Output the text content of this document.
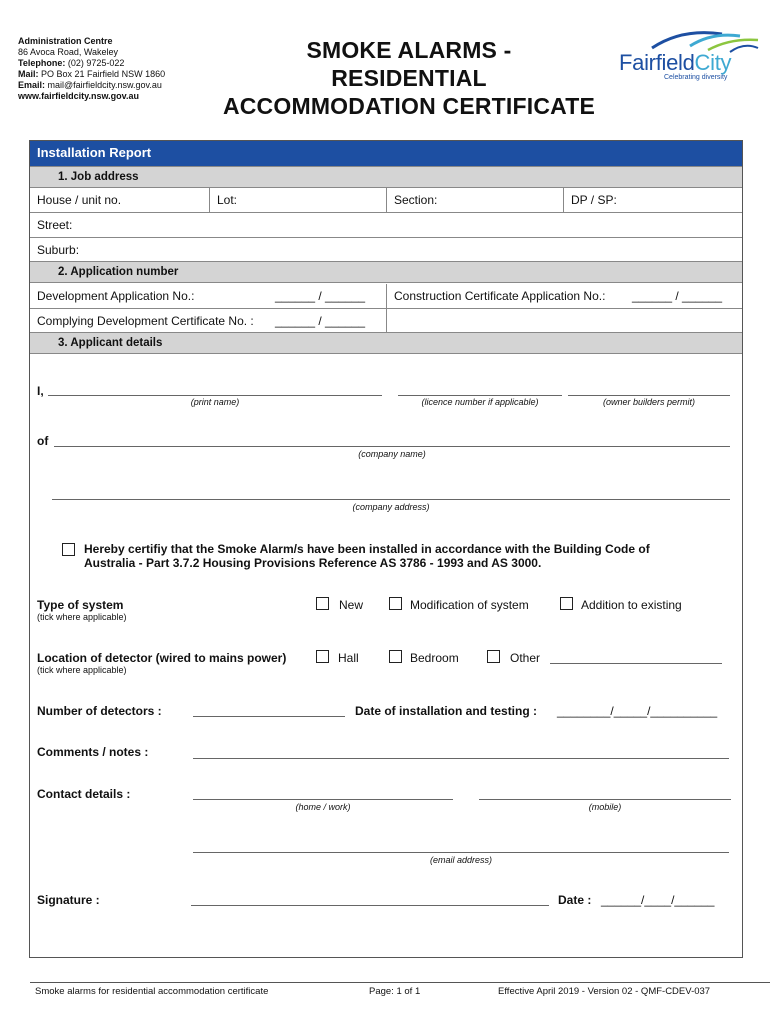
Administration Centre
86 Avoca Road, Wakeley
Telephone: (02) 9725-022
Mail: PO Box 21 Fairfield NSW 1860
Email: mail@fairfieldcity.nsw.gov.au
www.fairfieldcity.nsw.gov.au
SMOKE ALARMS -
RESIDENTIAL
ACCOMMODATION CERTIFICATE
FairfieldCity
Celebrating diversity
Installation Report
1. Job address
House / unit no.	Lot:	Section:	DP / SP:
Street:
Suburb:
2. Application number
Development Application No.:	______ / ______	Construction Certificate Application No.: ______ / ______
Complying Development Certificate No. : ______ / ______
3. Applicant details
I,
(print name)	(licence number if applicable)	(owner builders permit)
of
(company name)
(company address)
Hereby certifiy that the Smoke Alarm/s have been installed in accordance with the Building Code of
Australia - Part 3.7.2 Housing Provisions Reference AS 3786 - 1993 and AS 3000.
Type of system
(tick where applicable)
New	Modification of system	Addition to existing
Location of detector (wired to mains power)
(tick where applicable)
Hall	Bedroom	Other
Number of detectors :	Date of installation and testing : ________/_____/__________
Comments / notes :
Contact details :
(home / work)	(mobile)
(email address)
Signature :	Date : ______/____/______
Smoke alarms for residential accommodation certificate	Page: 1 of 1	Effective April 2019 - Version 02 - QMF-CDEV-037
